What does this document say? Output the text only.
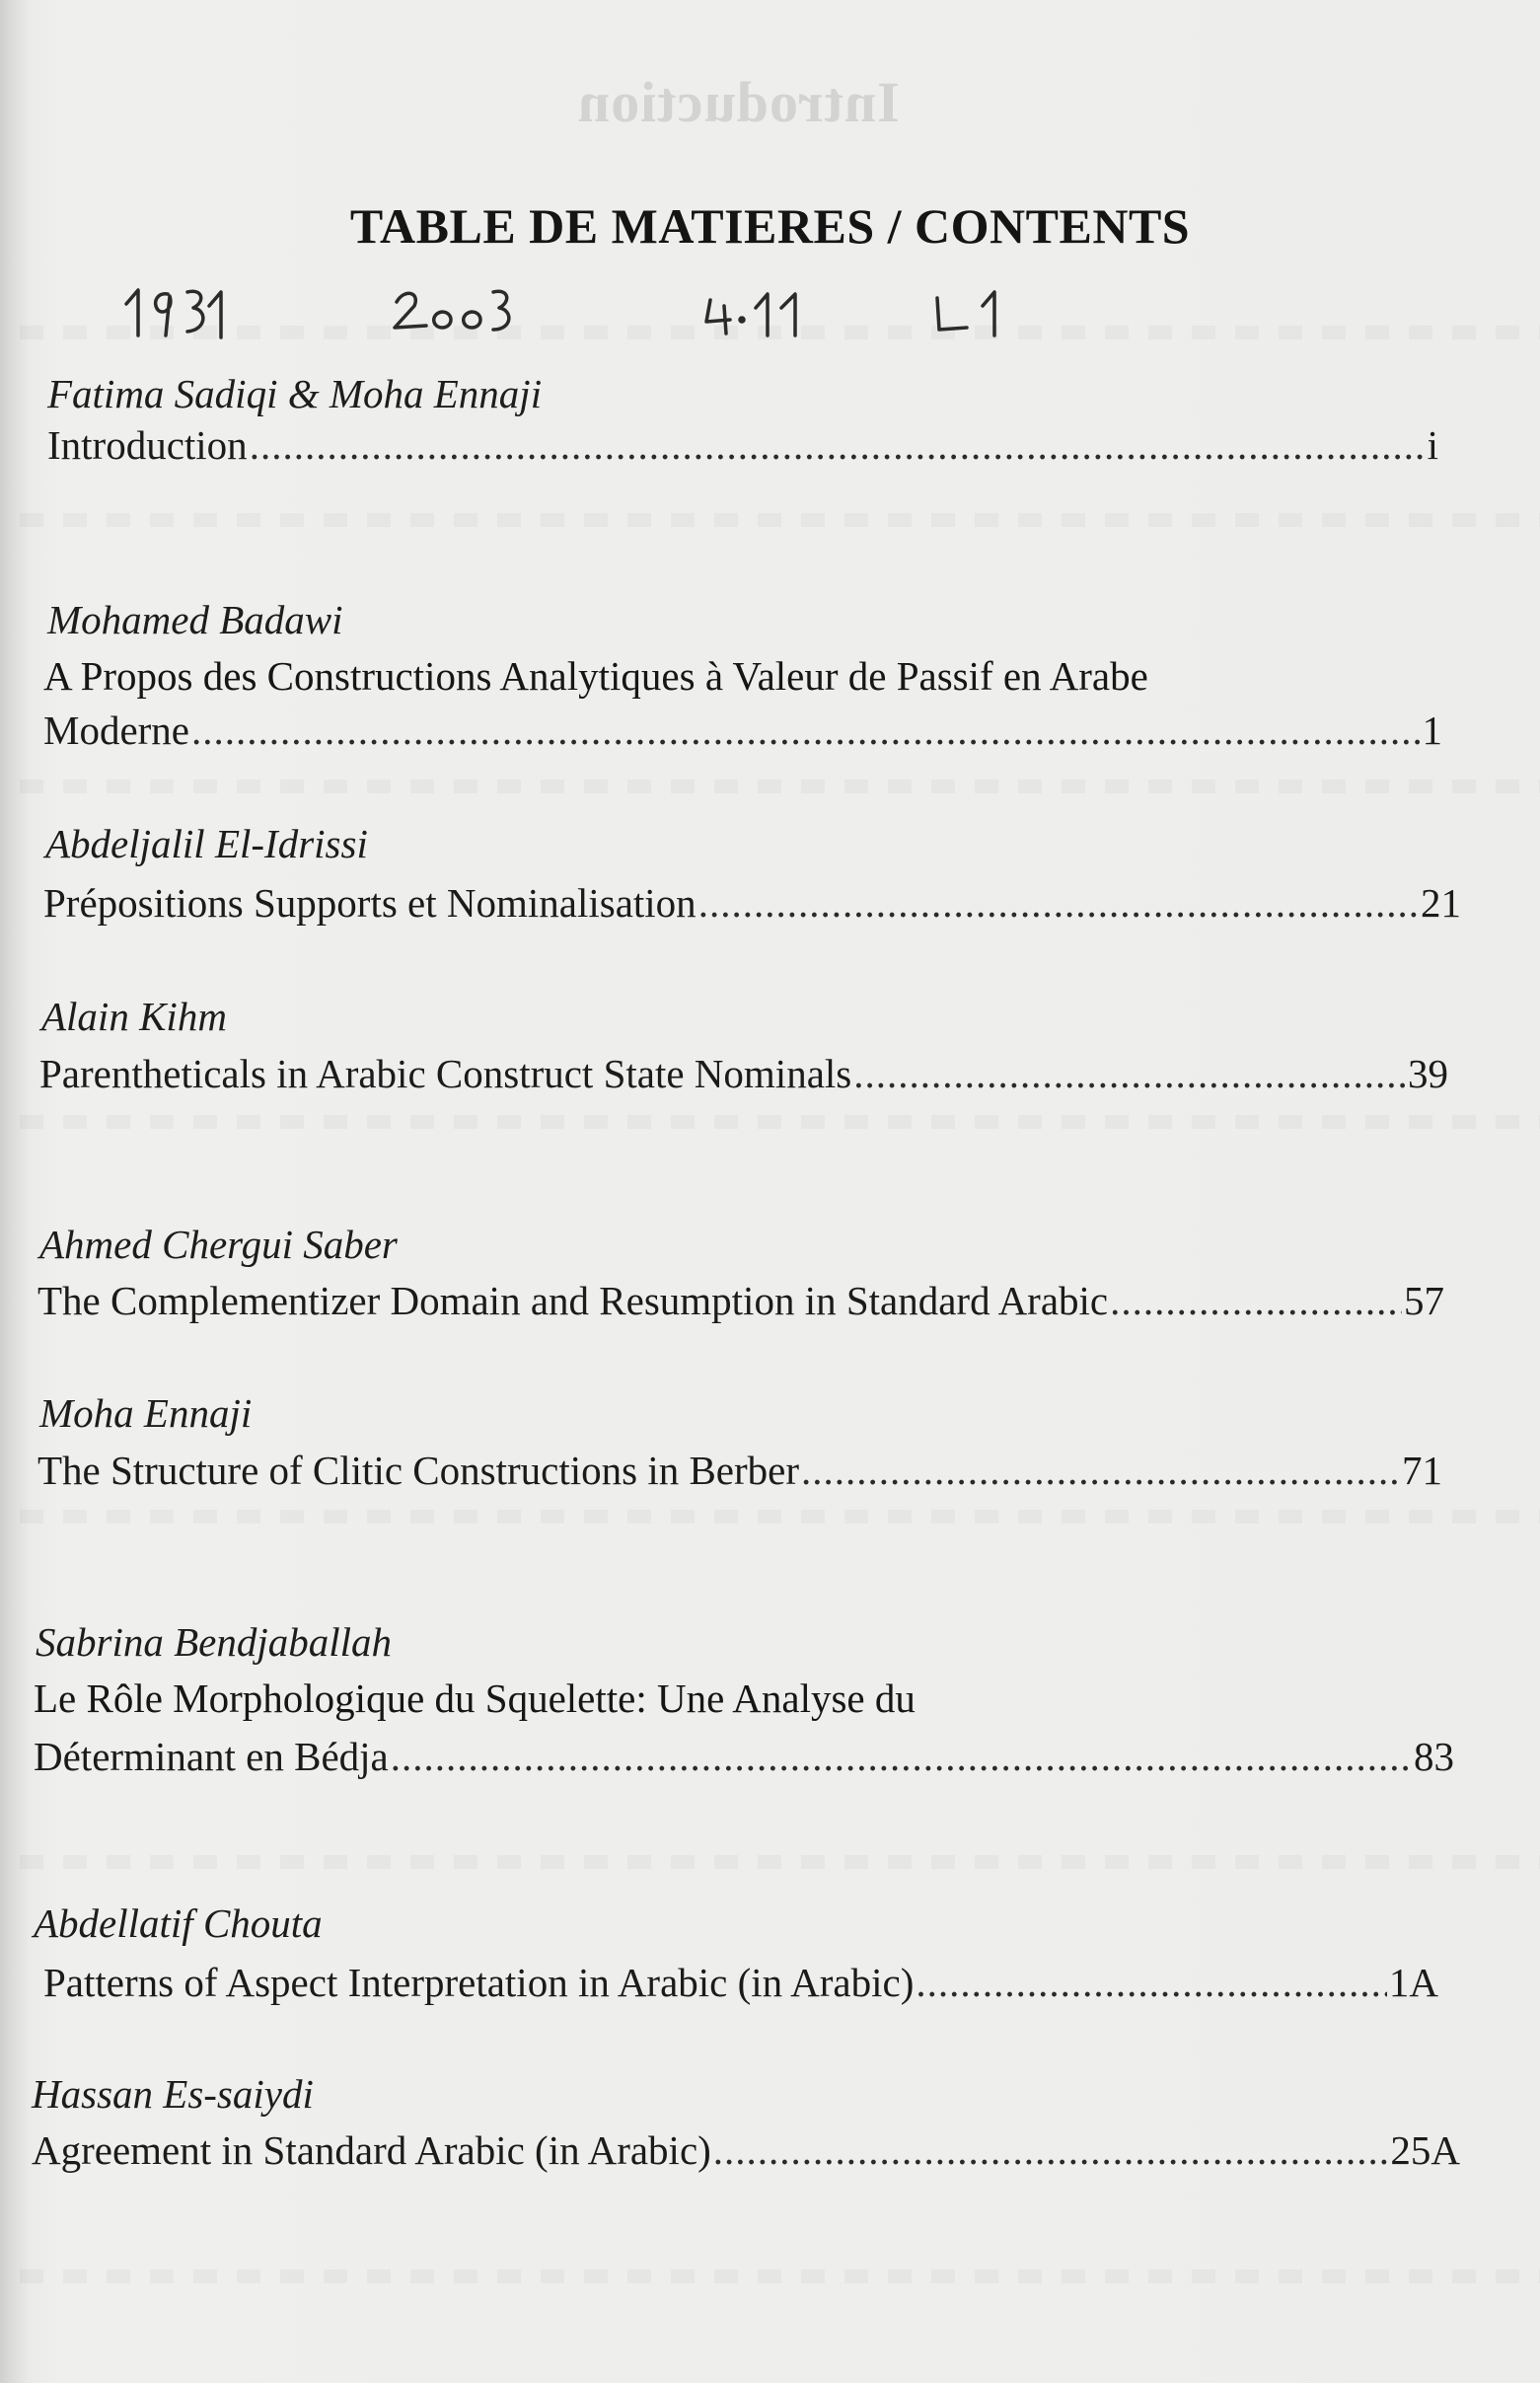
Introduction
TABLE DE MATIERES / CONTENTS
Fatima Sadiqi & Moha Ennaji
Introduction .....	i
Mohamed Badawi
A Propos des Constructions Analytiques à Valeur de Passif en Arabe
Moderne .....	1
Abdeljalil El-Idrissi
Prépositions Supports et Nominalisation .....	21
Alain Kihm
Parentheticals in Arabic Construct State Nominals .....	39
Ahmed Chergui Saber
The Complementizer Domain and Resumption in Standard Arabic .....	57
Moha Ennaji
The Structure of Clitic Constructions in Berber .....	71
Sabrina Bendjaballah
Le Rôle Morphologique du Squelette: Une Analyse du
Déterminant en Bédja .....	83
Abdellatif Chouta
Patterns of Aspect Interpretation in Arabic (in Arabic) .....	1A
Hassan Es-saiydi
Agreement in Standard Arabic (in Arabic) .....	25A
